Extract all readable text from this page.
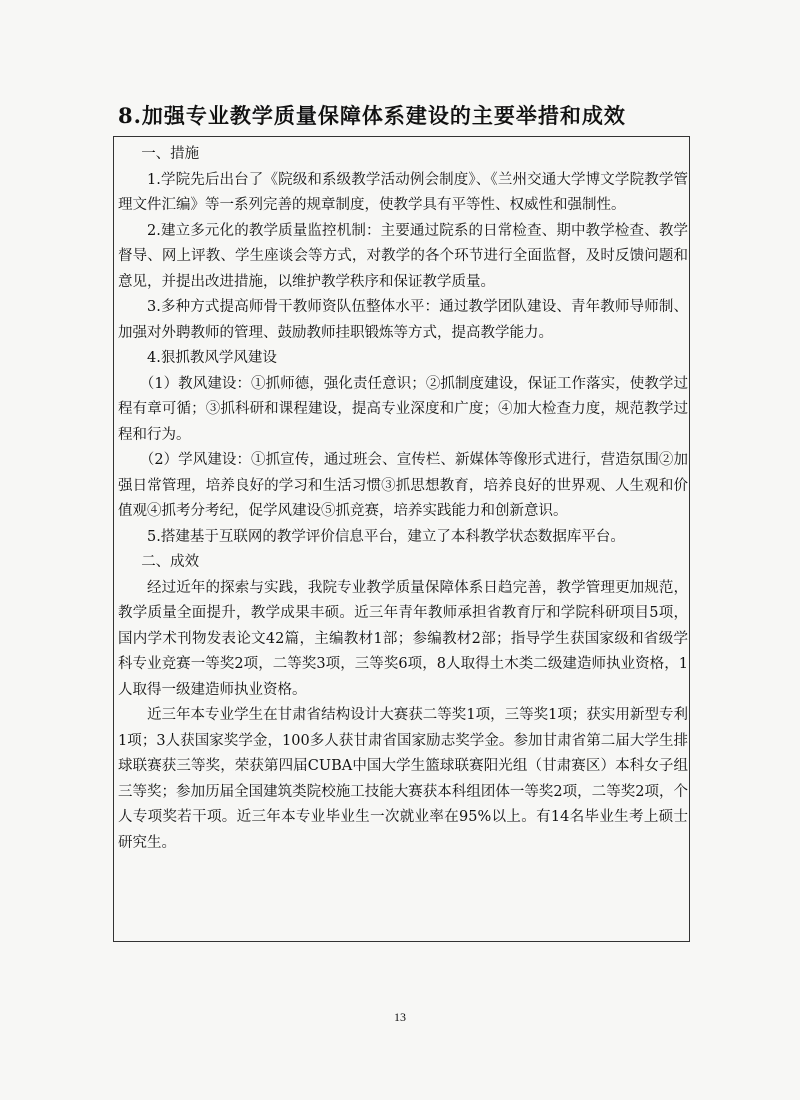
8.加强专业教学质量保障体系建设的主要举措和成效

一、措施

1.学院先后出台了《院级和系级教学活动例会制度》、《兰州交通大学博文学院教学管理文件汇编》等一系列完善的规章制度，使教学具有平等性、权威性和强制性。

2.建立多元化的教学质量监控机制：主要通过院系的日常检查、期中教学检查、教学督导、网上评教、学生座谈会等方式，对教学的各个环节进行全面监督，及时反馈问题和意见，并提出改进措施，以维护教学秩序和保证教学质量。

3.多种方式提高师骨干教师资队伍整体水平：通过教学团队建设、青年教师导师制、加强对外聘教师的管理、鼓励教师挂职锻炼等方式，提高教学能力。

4.狠抓教风学风建设

（1）教风建设：①抓师德，强化责任意识；②抓制度建设，保证工作落实，使教学过程有章可循；③抓科研和课程建设，提高专业深度和广度；④加大检查力度，规范教学过程和行为。

（2）学风建设：①抓宣传，通过班会、宣传栏、新媒体等像形式进行，营造氛围②加强日常管理，培养良好的学习和生活习惯③抓思想教育，培养良好的世界观、人生观和价值观④抓考分考纪，促学风建设⑤抓竞赛，培养实践能力和创新意识。

5.搭建基于互联网的教学评价信息平台，建立了本科教学状态数据库平台。

二、成效

经过近年的探索与实践，我院专业教学质量保障体系日趋完善，教学管理更加规范，教学质量全面提升，教学成果丰硕。近三年青年教师承担省教育厅和学院科研项目5项，国内学术刊物发表论文42篇，主编教材1部；参编教材2部；指导学生获国家级和省级学科专业竞赛一等奖2项，二等奖3项，三等奖6项，8人取得土木类二级建造师执业资格，1人取得一级建造师执业资格。

近三年本专业学生在甘肃省结构设计大赛获二等奖1项，三等奖1项；获实用新型专利1项；3人获国家奖学金，100多人获甘肃省国家励志奖学金。参加甘肃省第二届大学生排球联赛获三等奖，荣获第四届CUBA中国大学生篮球联赛阳光组（甘肃赛区）本科女子组三等奖；参加历届全国建筑类院校施工技能大赛获本科组团体一等奖2项，二等奖2项，个人专项奖若干项。近三年本专业毕业生一次就业率在95%以上。有14名毕业生考上硕士研究生。

13
